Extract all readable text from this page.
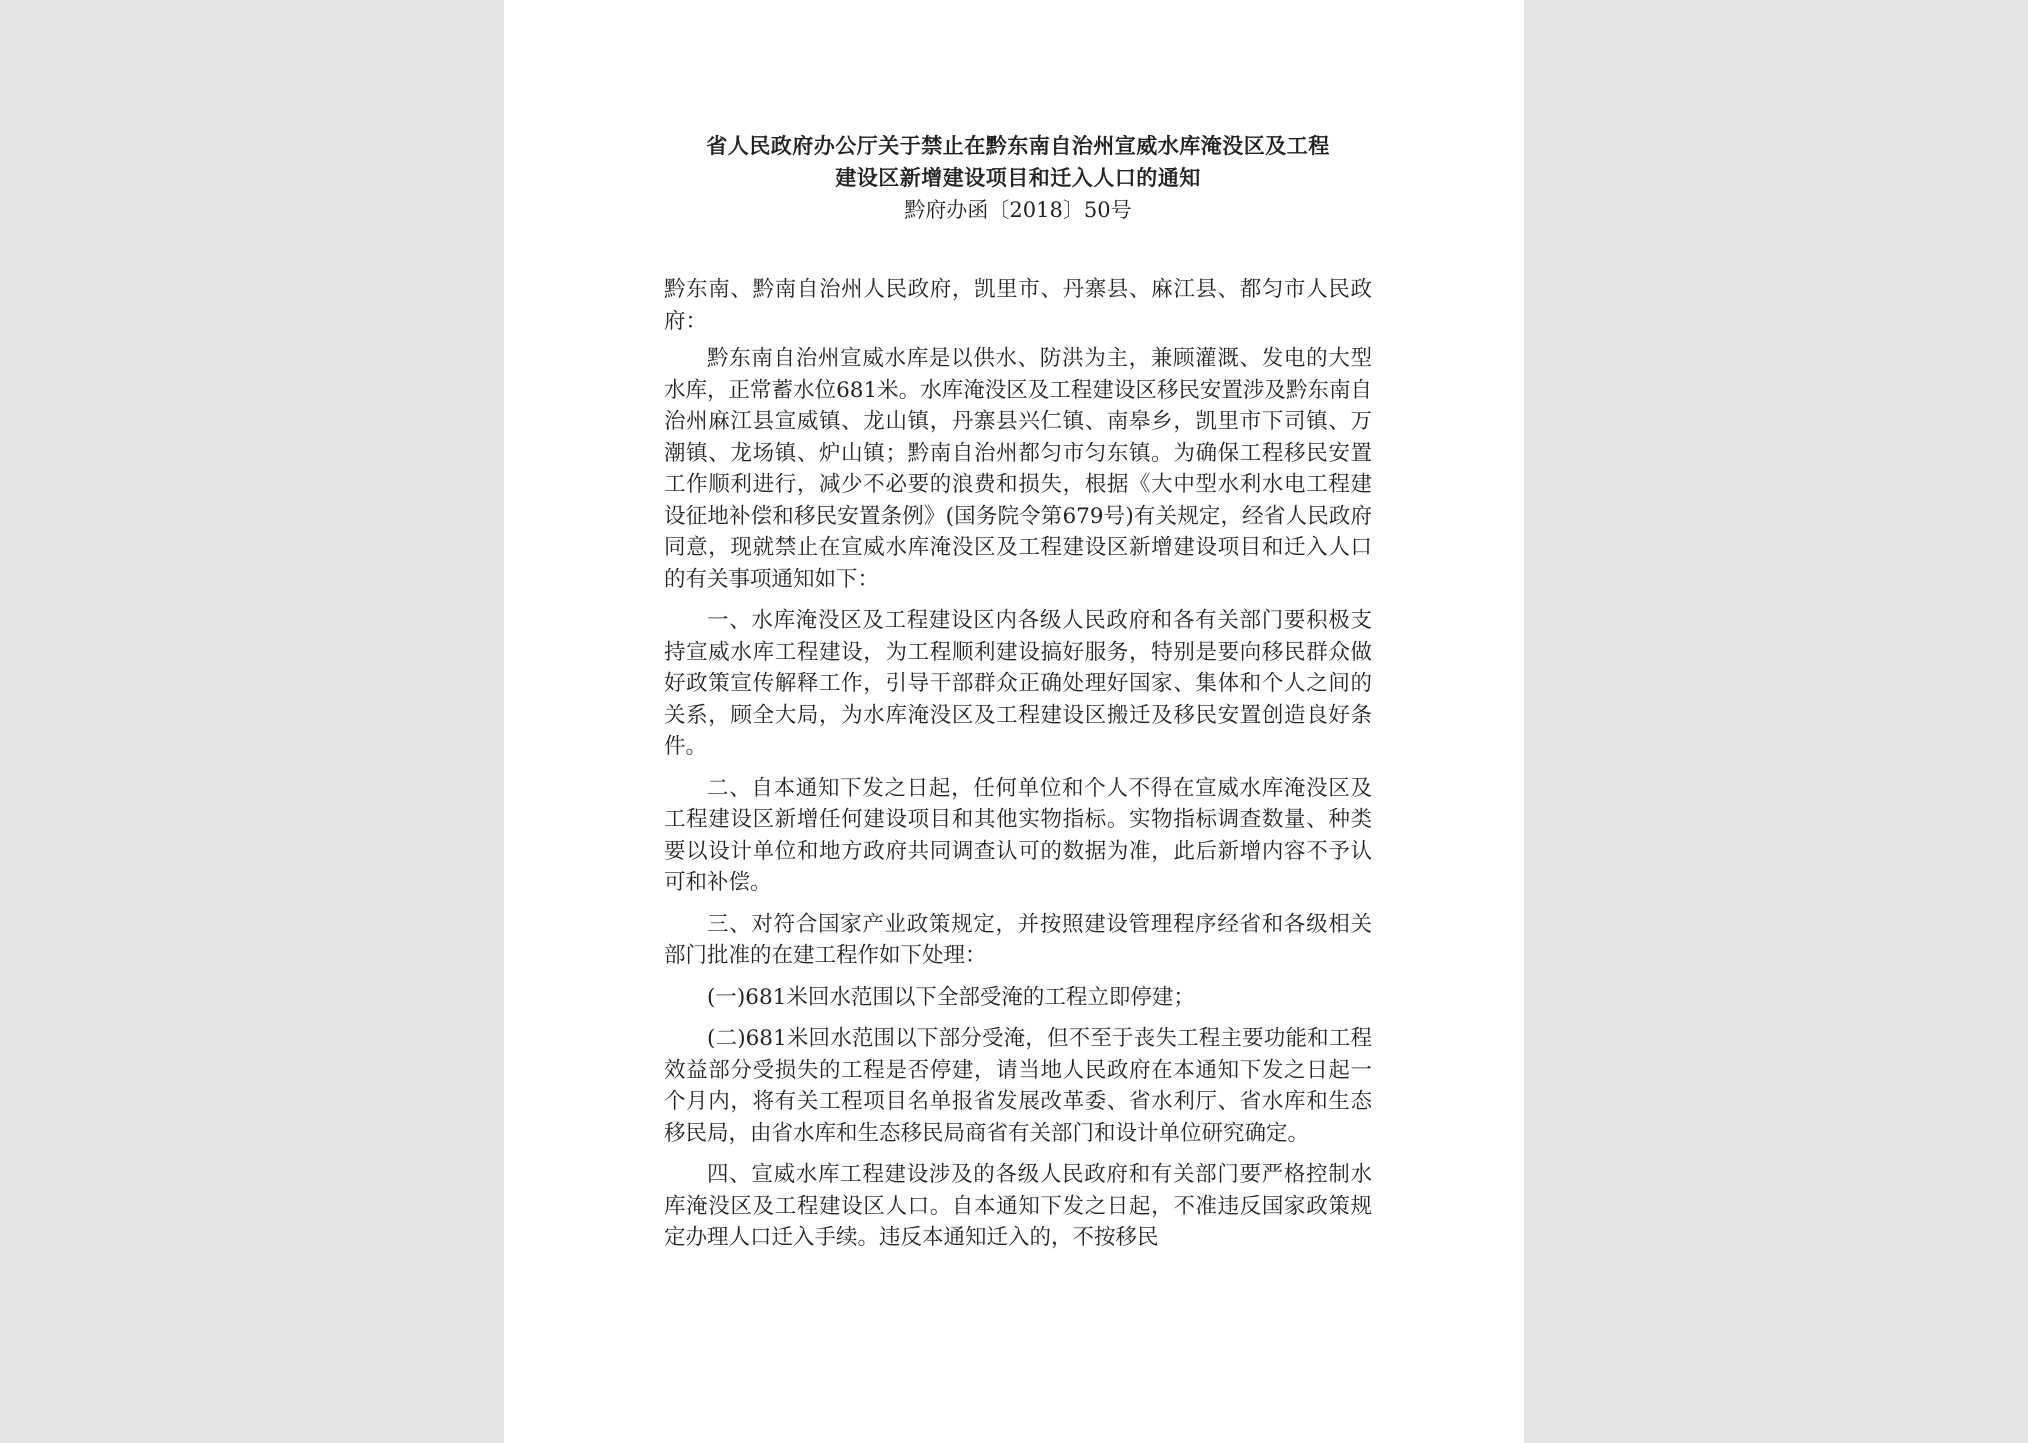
省人民政府办公厅关于禁止在黔东南自治州宣威水库淹没区及工程

建设区新增建设项目和迁入人口的通知

黔府办函〔2018〕50号

黔东南、黔南自治州人民政府，凯里市、丹寨县、麻江县、都匀市人民政府：

黔东南自治州宣威水库是以供水、防洪为主，兼顾灌溉、发电的大型水库，正常蓄水位681米。水库淹没区及工程建设区移民安置涉及黔东南自治州麻江县宣威镇、龙山镇，丹寨县兴仁镇、南皋乡，凯里市下司镇、万潮镇、龙场镇、炉山镇；黔南自治州都匀市匀东镇。为确保工程移民安置工作顺利进行，减少不必要的浪费和损失，根据《大中型水利水电工程建设征地补偿和移民安置条例》(国务院令第679号)有关规定，经省人民政府同意，现就禁止在宣威水库淹没区及工程建设区新增建设项目和迁入人口的有关事项通知如下：

一、水库淹没区及工程建设区内各级人民政府和各有关部门要积极支持宣威水库工程建设，为工程顺利建设搞好服务，特别是要向移民群众做好政策宣传解释工作，引导干部群众正确处理好国家、集体和个人之间的关系，顾全大局，为水库淹没区及工程建设区搬迁及移民安置创造良好条件。

二、自本通知下发之日起，任何单位和个人不得在宣威水库淹没区及工程建设区新增任何建设项目和其他实物指标。实物指标调查数量、种类要以设计单位和地方政府共同调查认可的数据为准，此后新增内容不予认可和补偿。

三、对符合国家产业政策规定，并按照建设管理程序经省和各级相关部门批准的在建工程作如下处理：

(一)681米回水范围以下全部受淹的工程立即停建；

(二)681米回水范围以下部分受淹，但不至于丧失工程主要功能和工程效益部分受损失的工程是否停建，请当地人民政府在本通知下发之日起一个月内，将有关工程项目名单报省发展改革委、省水利厅、省水库和生态移民局，由省水库和生态移民局商省有关部门和设计单位研究确定。

四、宣威水库工程建设涉及的各级人民政府和有关部门要严格控制水库淹没区及工程建设区人口。自本通知下发之日起，不准违反国家政策规定办理人口迁入手续。违反本通知迁入的，不按移民
